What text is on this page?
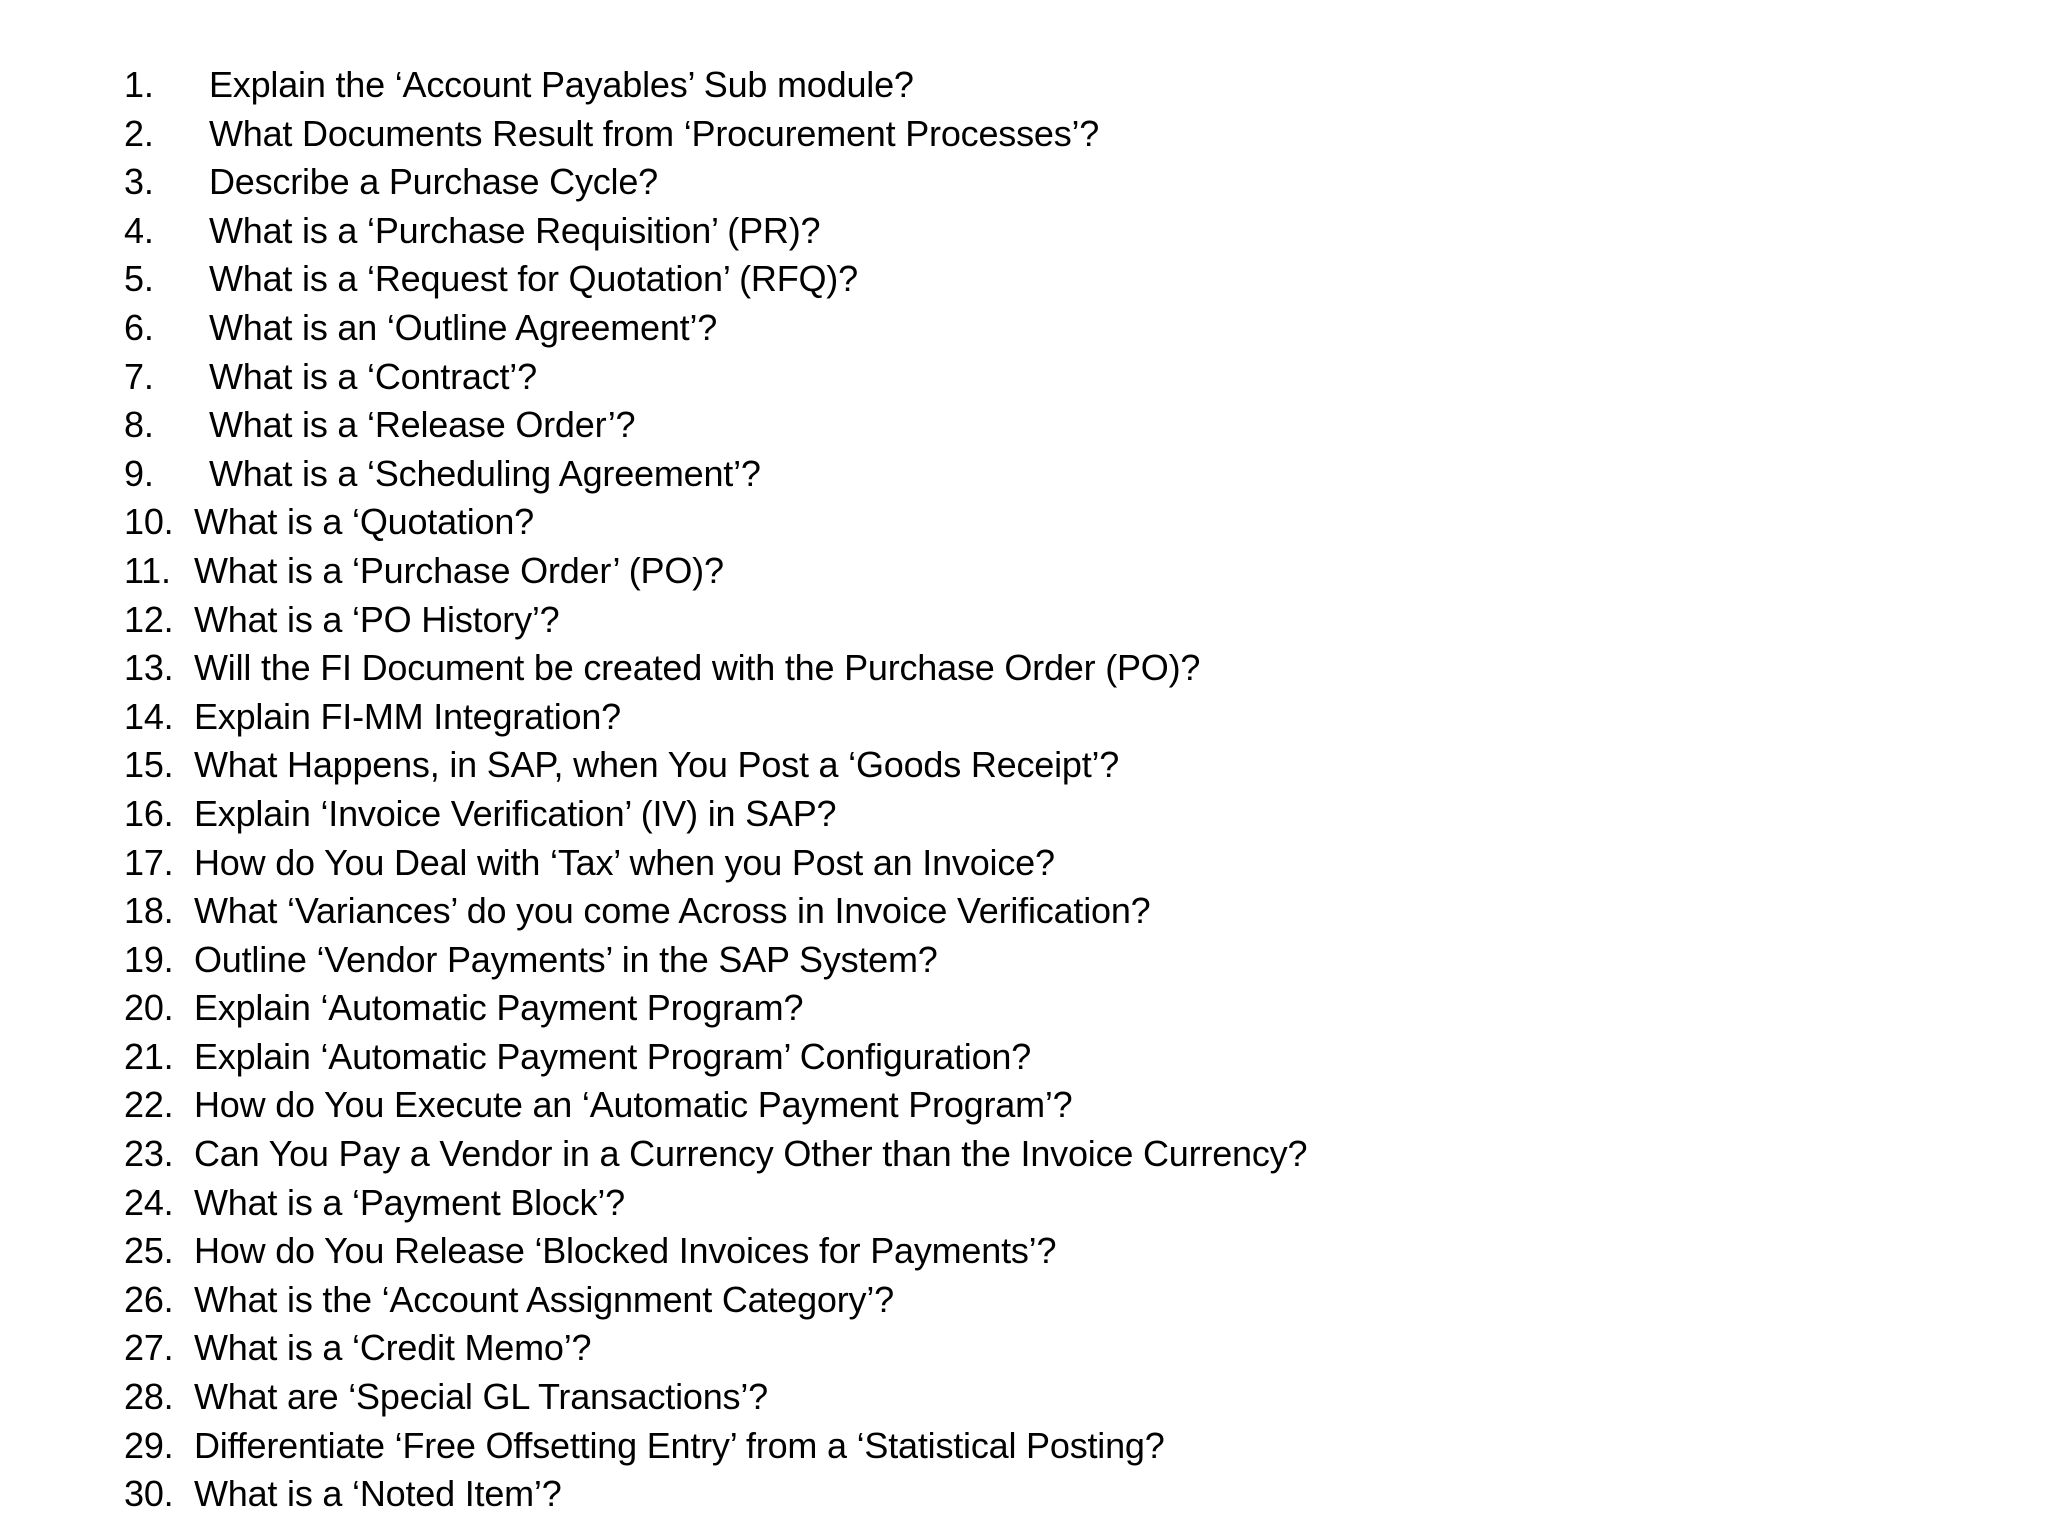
1.	Explain the ‘Account Payables’ Sub module?
2.	What Documents Result from ‘Procurement Processes’?
3.	Describe a Purchase Cycle?
4.	What is a ‘Purchase Requisition’ (PR)?
5.	What is a ‘Request for Quotation’ (RFQ)?
6.	What is an ‘Outline Agreement’?
7.	What is a ‘Contract’?
8.	What is a ‘Release Order’?
9.	What is a ‘Scheduling Agreement’?
10. What is a ‘Quotation?
11. What is a ‘Purchase Order’ (PO)?
12. What is a ‘PO History’?
13. Will the FI Document be created with the Purchase Order (PO)?
14. Explain FI-MM Integration?
15. What Happens, in SAP, when You Post a ‘Goods Receipt’?
16. Explain ‘Invoice Verification’ (IV) in SAP?
17. How do You Deal with ‘Tax’ when you Post an Invoice?
18. What ‘Variances’ do you come Across in Invoice Verification?
19. Outline ‘Vendor Payments’ in the SAP System?
20. Explain ‘Automatic Payment Program?
21. Explain ‘Automatic Payment Program’ Configuration?
22. How do You Execute an ‘Automatic Payment Program’?
23. Can You Pay a Vendor in a Currency Other than the Invoice Currency?
24. What is a ‘Payment Block’?
25. How do You Release ‘Blocked Invoices for Payments’?
26. What is the ‘Account Assignment Category’?
27. What is a ‘Credit Memo’?
28. What are ‘Special GL Transactions’?
29. Differentiate ‘Free Offsetting Entry’ from a ‘Statistical Posting?
30. What is a ‘Noted Item’?
